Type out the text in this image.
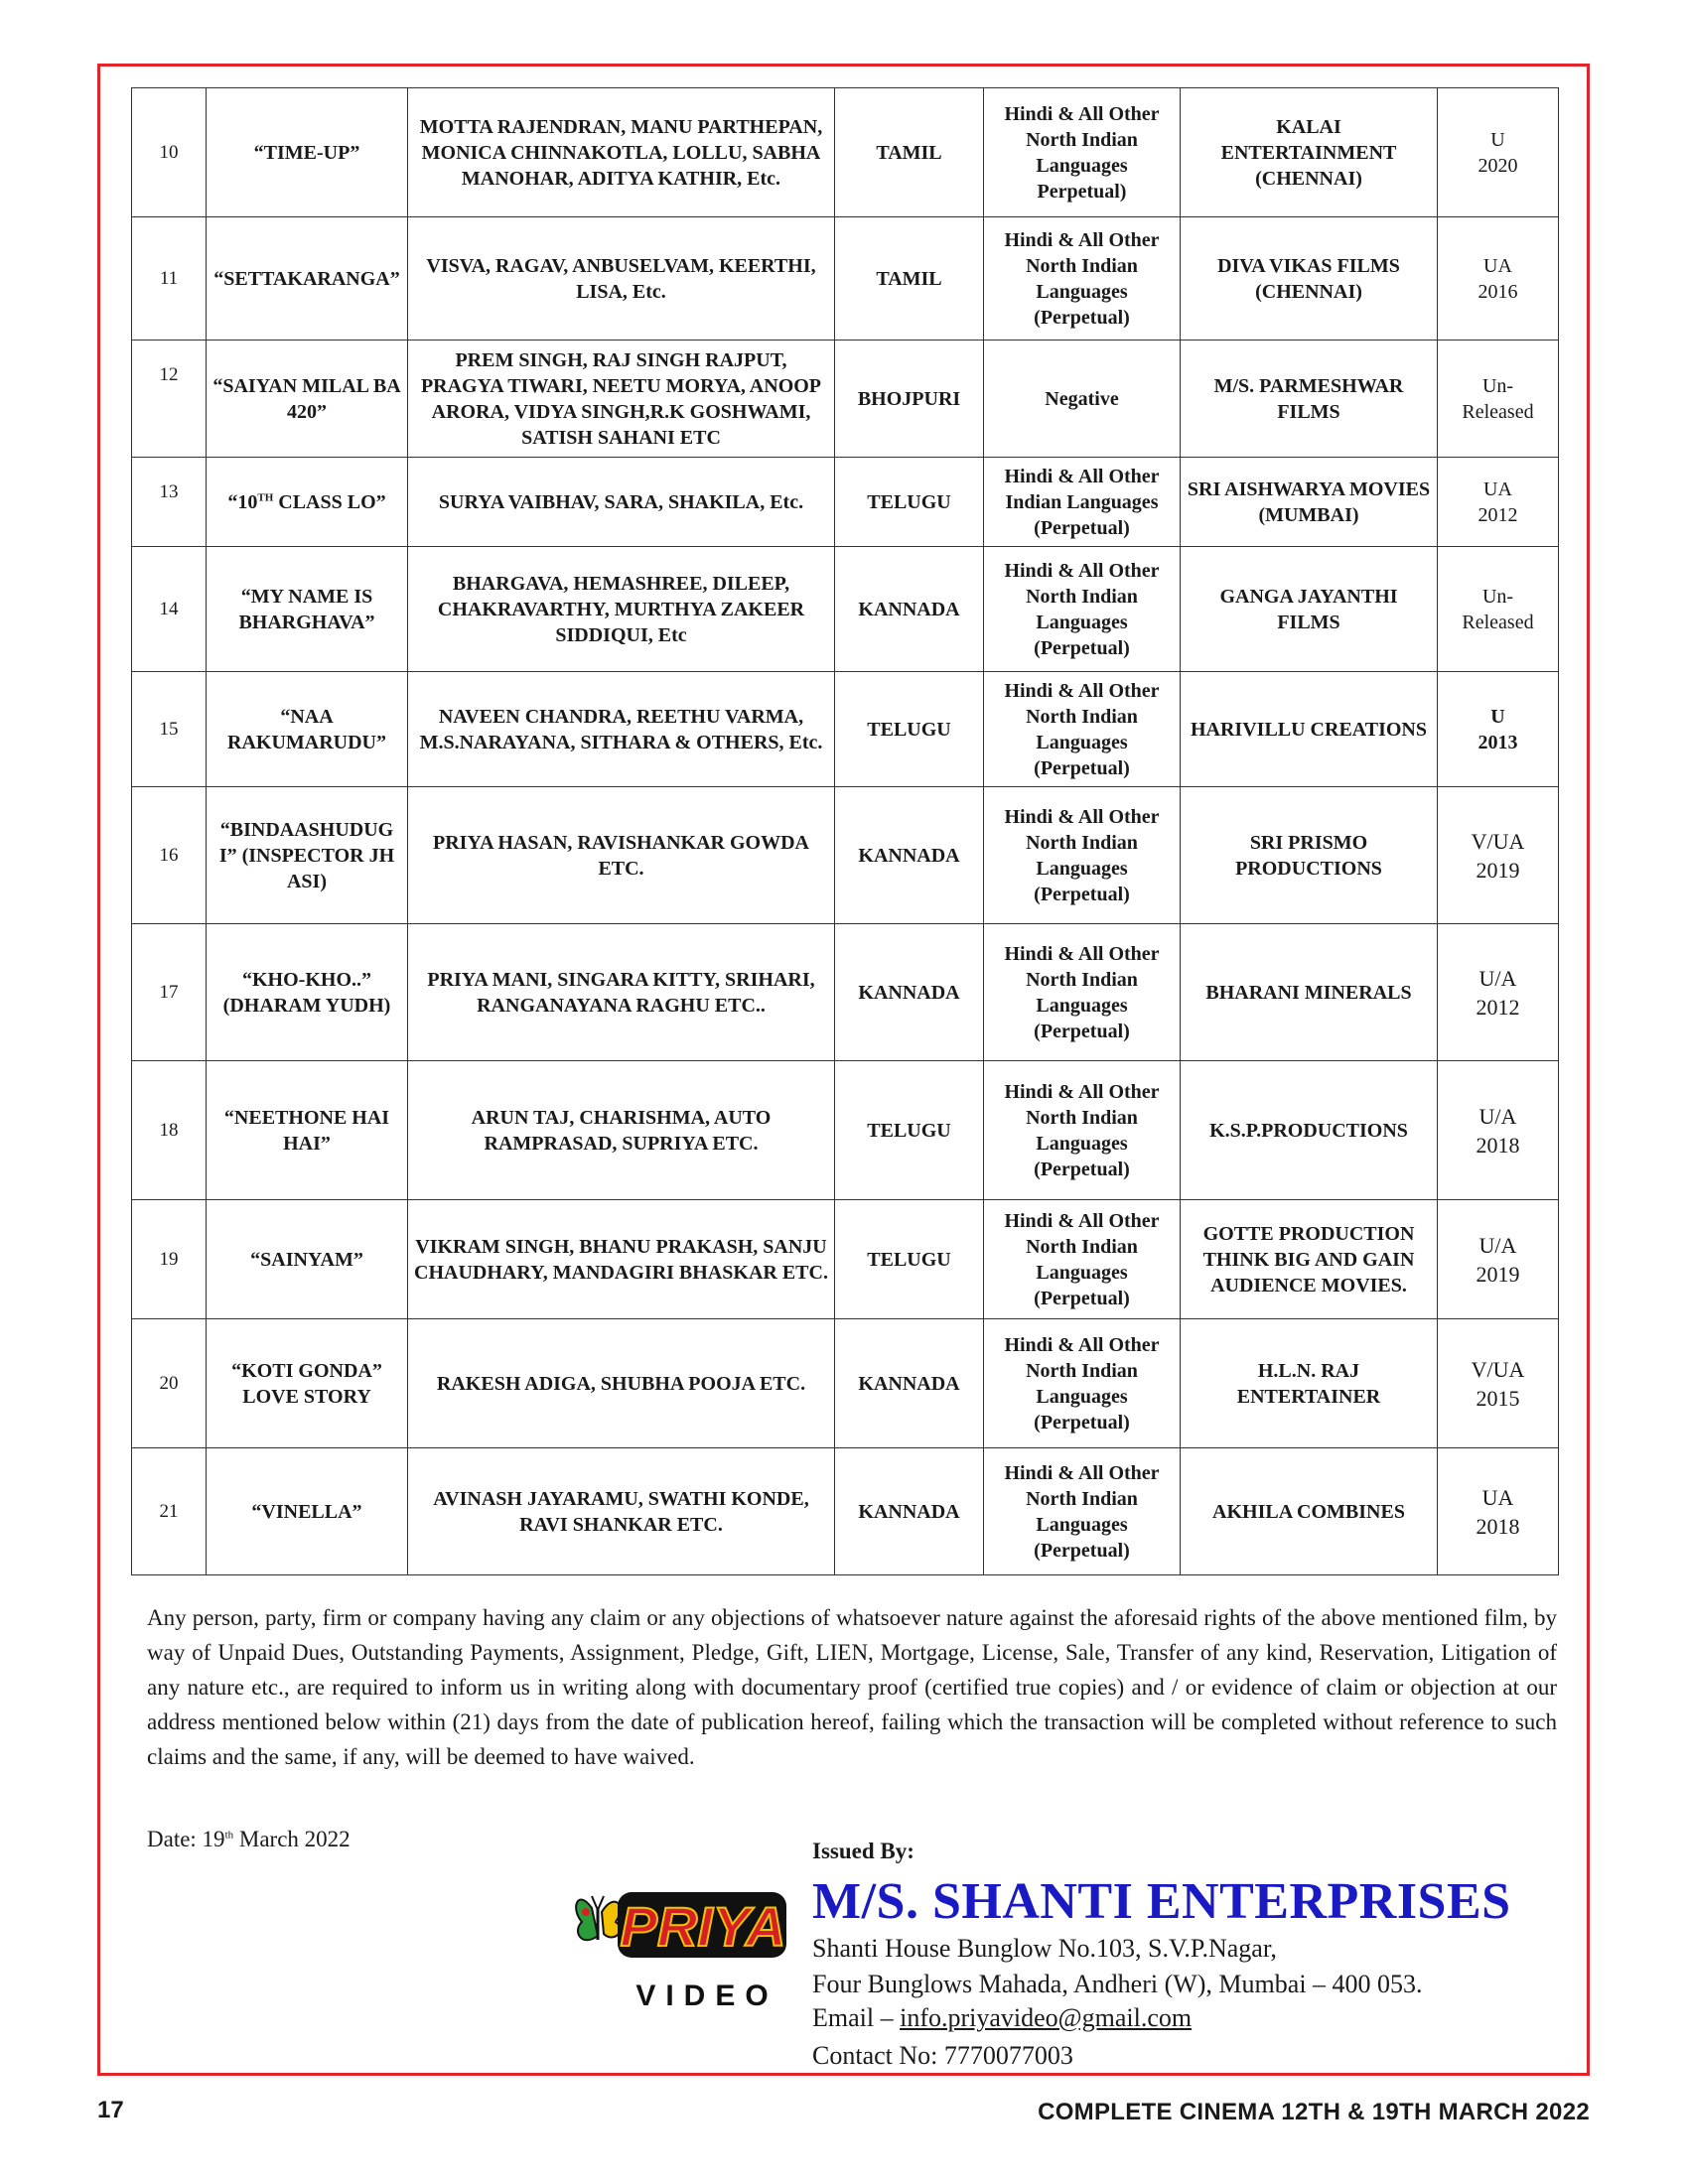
10	“TIME-UP”	MOTTA RAJENDRAN, MANU PARTHEPAN, MONICA CHINNAKOTLA, LOLLU, SABHA MANOHAR, ADITYA KATHIR, Etc.	TAMIL	Hindi & All Other North Indian Languages Perpetual)	KALAI ENTERTAINMENT (CHENNAI)	U
2020

11	“SETTAKARANGA”	VISVA, RAGAV, ANBUSELVAM, KEERTHI, LISA, Etc.	TAMIL	Hindi & All Other North Indian Languages (Perpetual)	DIVA VIKAS FILMS (CHENNAI)	UA
2016

12	“SAIYAN MILAL BA 420”	PREM SINGH, RAJ SINGH RAJPUT, PRAGYA TIWARI, NEETU MORYA, ANOOP ARORA, VIDYA SINGH,R.K GOSHWAMI, SATISH SAHANI ETC	BHOJPURI	Negative	M/S. PARMESHWAR FILMS	Un-
Released

13	“10TH CLASS LO”	SURYA VAIBHAV, SARA, SHAKILA, Etc.	TELUGU	Hindi & All Other Indian Languages (Perpetual)	SRI AISHWARYA MOVIES (MUMBAI)	UA
2012

14	“MY NAME IS BHARGHAVA”	BHARGAVA, HEMASHREE, DILEEP, CHAKRAVARTHY, MURTHYA ZAKEER SIDDIQUI, Etc	KANNADA	Hindi & All Other North Indian Languages (Perpetual)	GANGA JAYANTHI FILMS	Un-
Released

15	“NAA RAKUMARUDU”	NAVEEN CHANDRA, REETHU VARMA, M.S.NARAYANA, SITHARA & OTHERS, Etc.	TELUGU	Hindi & All Other North Indian Languages (Perpetual)	HARIVILLU CREATIONS	U
2013

16	“BINDAASHUDUGI” (INSPECTOR JHASI)	PRIYA HASAN, RAVISHANKAR GOWDA ETC.	KANNADA	Hindi & All Other North Indian Languages (Perpetual)	SRI PRISMO PRODUCTIONS	V/UA
2019

17	“KHO-KHO..” (DHARAM YUDH)	PRIYA MANI, SINGARA KITTY, SRIHARI, RANGANAYANA RAGHU ETC..	KANNADA	Hindi & All Other North Indian Languages (Perpetual)	BHARANI MINERALS	U/A
2012

18	“NEETHONE HAI HAI”	ARUN TAJ, CHARISHMA, AUTO RAMPRASAD, SUPRIYA ETC.	TELUGU	Hindi & All Other North Indian Languages (Perpetual)	K.S.P.PRODUCTIONS	U/A
2018

19	“SAINYAM”	VIKRAM SINGH, BHANU PRAKASH, SANJU CHAUDHARY, MANDAGIRI BHASKAR ETC.	TELUGU	Hindi & All Other North Indian Languages (Perpetual)	GOTTE PRODUCTION THINK BIG AND GAIN AUDIENCE MOVIES.	U/A
2019

20	“KOTI GONDA” LOVE STORY	RAKESH ADIGA, SHUBHA POOJA ETC.	KANNADA	Hindi & All Other North Indian Languages (Perpetual)	H.L.N. RAJ ENTERTAINER	V/UA
2015

21	“VINELLA”	AVINASH JAYARAMU, SWATHI KONDE, RAVI SHANKAR ETC.	KANNADA	Hindi & All Other North Indian Languages (Perpetual)	AKHILA COMBINES	UA
2018
Any person, party, firm or company having any claim or any objections of whatsoever nature against the aforesaid rights of the above mentioned film, by way of Unpaid Dues, Outstanding Payments, Assignment, Pledge, Gift, LIEN, Mortgage, License, Sale, Transfer of any kind, Reservation, Litigation of any nature etc., are required to inform us in writing along with documentary proof (certified true copies) and / or evidence of claim or objection at our address mentioned below within (21) days from the date of publication hereof, failing which the transaction will be completed without reference to such claims and the same, if any, will be deemed to have waived.
Date: 19th March 2022
PRIYA
VIDEO
Issued By:
M/S. SHANTI ENTERPRISES
Shanti House Bunglow No.103, S.V.P.Nagar,
Four Bunglows Mahada, Andheri (W), Mumbai – 400 053.
Email – info.priyavideo@gmail.com
Contact No: 7770077003
17	COMPLETE CINEMA 12TH & 19TH MARCH 2022
